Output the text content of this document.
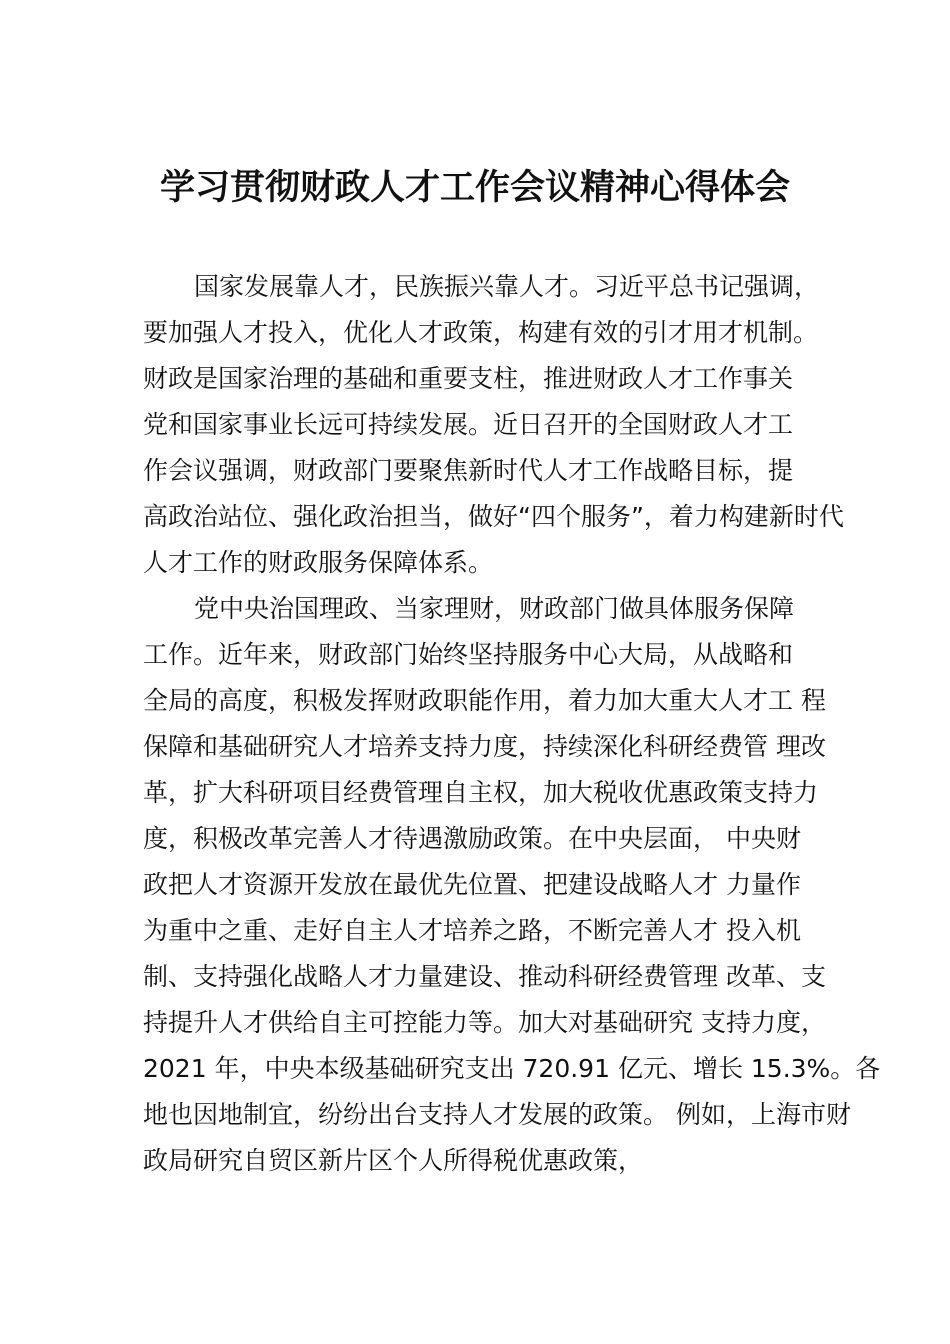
学习贯彻财政人才工作会议精神心得体会
国家发展靠人才，民族振兴靠人才。习近平总书记强调，
要加强人才投入，优化人才政策，构建有效的引才用才机制。
财政是国家治理的基础和重要支柱，推进财政人才工作事关
党和国家事业长远可持续发展。近日召开的全国财政人才工
作会议强调，财政部门要聚焦新时代人才工作战略目标，提
高政治站位、强化政治担当，做好“四个服务”，着力构建新时代
人才工作的财政服务保障体系。
党中央治国理政、当家理财，财政部门做具体服务保障
工作。近年来，财政部门始终坚持服务中心大局，从战略和
全局的高度，积极发挥财政职能作用，着力加大重大人才工 程
保障和基础研究人才培养支持力度，持续深化科研经费管 理改
革，扩大科研项目经费管理自主权，加大税收优惠政策支持力
度，积极改革完善人才待遇激励政策。在中央层面， 中央财
政把人才资源开发放在最优先位置、把建设战略人才 力量作
为重中之重、走好自主人才培养之路，不断完善人才 投入机
制、支持强化战略人才力量建设、推动科研经费管理 改革、支
持提升人才供给自主可控能力等。加大对基础研究 支持力度，
2021 年，中央本级基础研究支出 720.91 亿元、增长 15.3%。各
地也因地制宜，纷纷出台支持人才发展的政策。 例如，上海市财
政局研究自贸区新片区个人所得税优惠政策，
